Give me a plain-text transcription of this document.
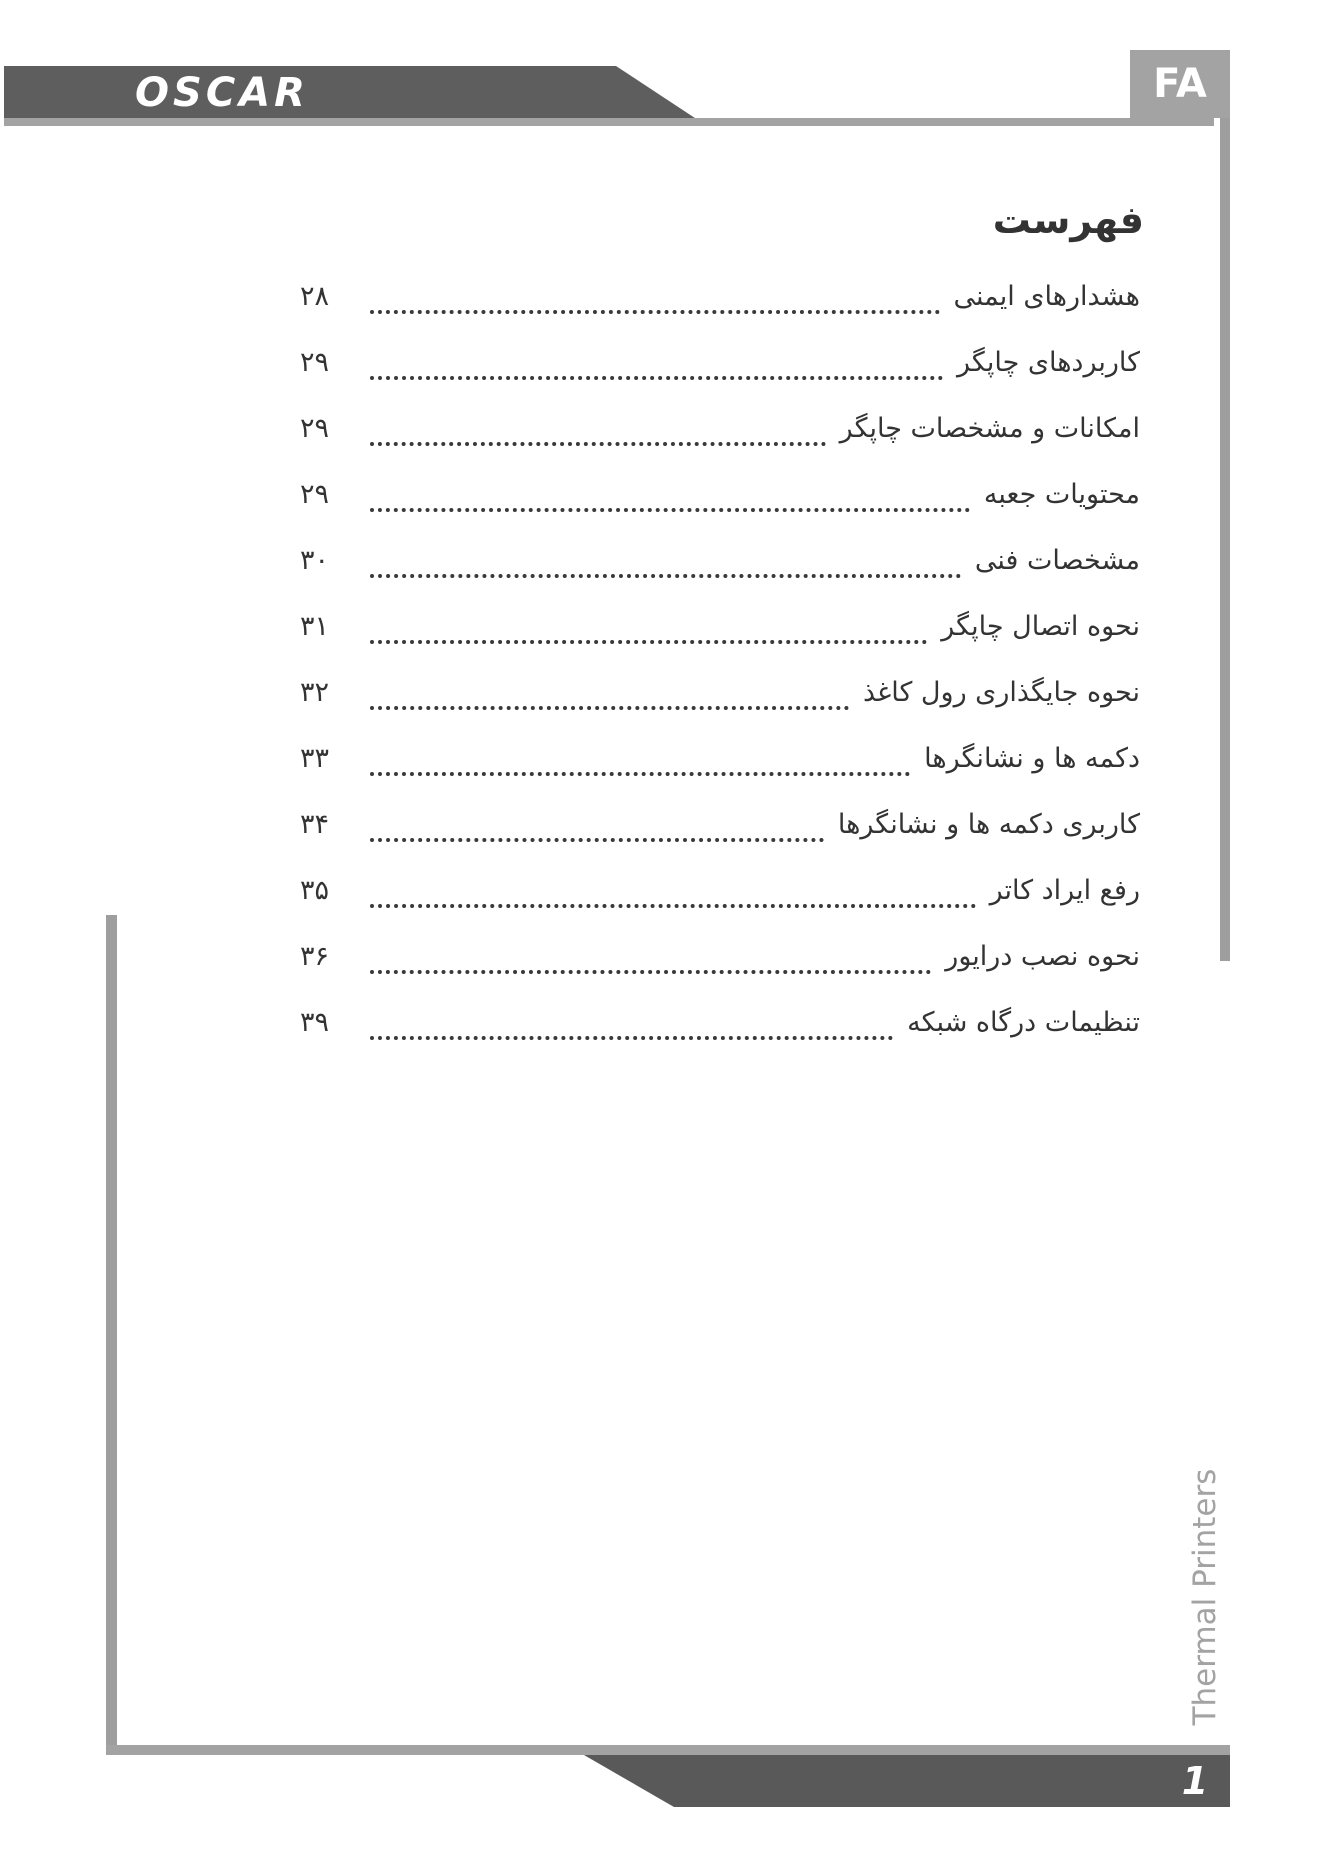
OSCAR	FA
1
Thermal Printers
فهرست
هشدارهای ایمنی
۲۸
کاربردهای چاپگر
۲۹
امکانات و مشخصات چاپگر
۲۹
محتویات جعبه
۲۹
مشخصات فنی
۳۰
نحوه اتصال چاپگر
۳۱
نحوه جایگذاری رول کاغذ
۳۲
دکمه ها و نشانگرها
۳۳
کاربری دکمه ها و نشانگرها
۳۴
رفع ایراد کاتر
۳۵
نحوه نصب درایور
۳۶
تنظیمات درگاه شبکه
۳۹
